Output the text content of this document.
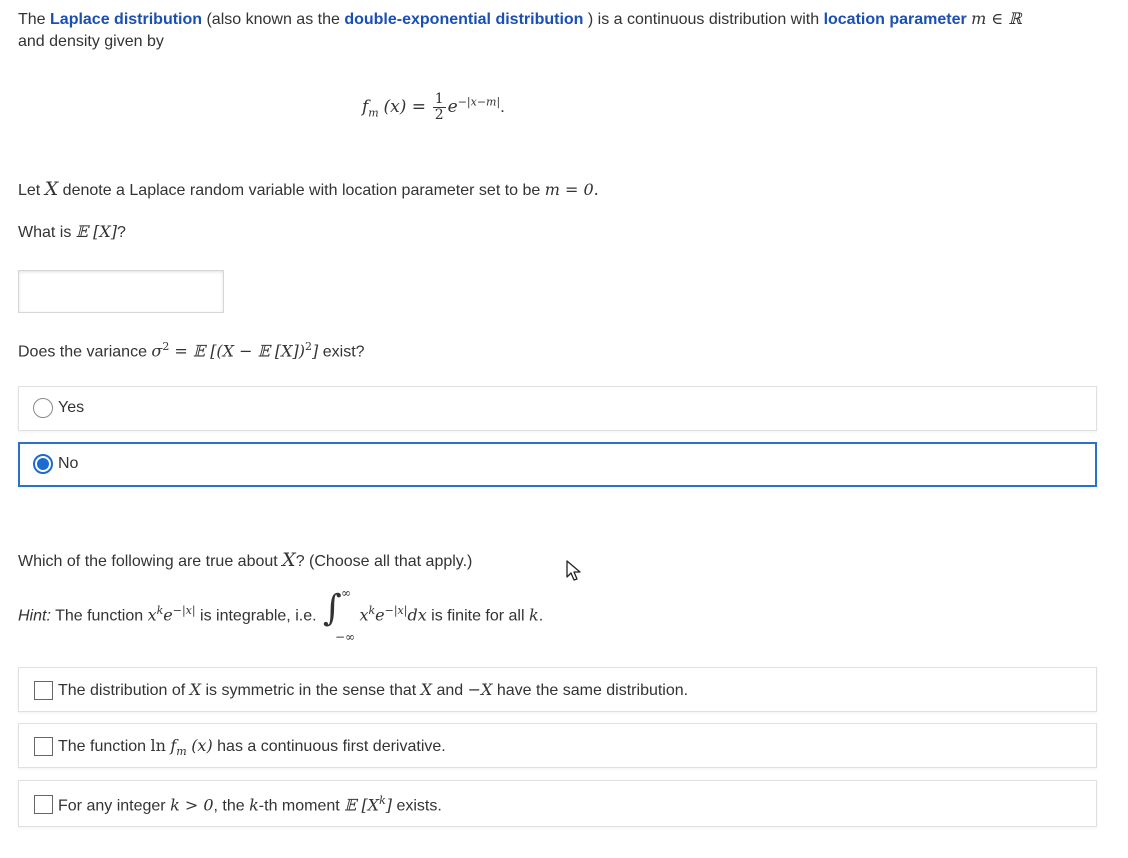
The Laplace distribution (also known as the double-exponential distribution ) is a continuous distribution with location parameter m ∈ ℝ
and density given by
$f_m$ $(x) = \frac{1}{2} e^{-|x-m|}$.
Let X denote a Laplace random variable with location parameter set to be m = 0.
What is 𝔼 [X]?
Does the variance $\sigma^2$ = 𝔼 [(X − 𝔼 [X])$^2$] exist?
Yes
No
Which of the following are true about X? (Choose all that apply.)
Hint: The function $x^ke^{-|x|}$ is integrable, i.e. ∫ ∞
−∞
$x^ke^{-|x|}dx$ is finite for all k.
The distribution of X is symmetric in the sense that X and −X have the same distribution.
The function $\ln f_m$ (x) has a continuous first derivative.
For any integer k > 0, the k-th moment 𝔼 $[X^k]$ exists.
